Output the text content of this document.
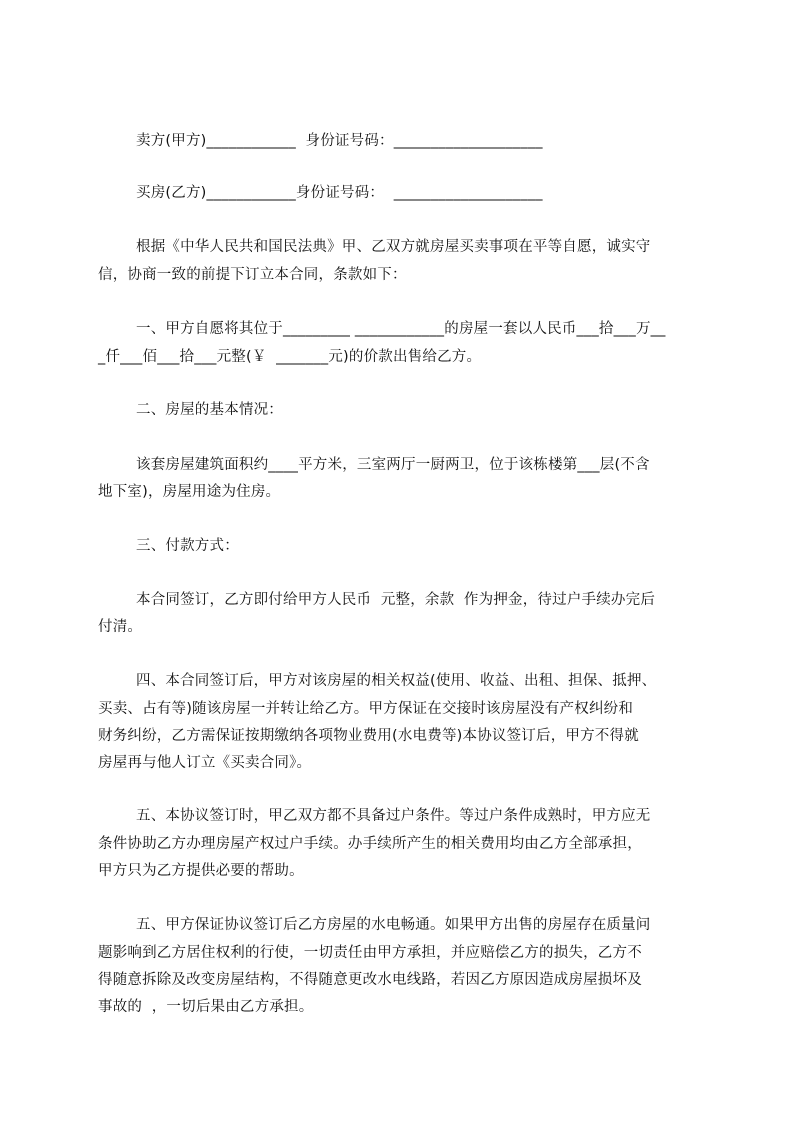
卖方(甲方)____________  身份证号码：____________________
买房(乙方)____________身份证号码：  ____________________
根据《中华人民共和国民法典》甲、乙双方就房屋买卖事项在平等自愿，诚实守
信，协商一致的前提下订立本合同，条款如下：
一、甲方自愿将其位于_________ ____________的房屋一套以人民币___拾___万__
_仟___佰___拾___元整(￥  _______元)的价款出售给乙方。
二、房屋的基本情况：
该套房屋建筑面积约____平方米，三室两厅一厨两卫，位于该栋楼第___层(不含
地下室)，房屋用途为住房。
三、付款方式：
本合同签订，乙方即付给甲方人民币  元整，余款  作为押金，待过户手续办完后
付清。
四、本合同签订后，甲方对该房屋的相关权益(使用、收益、出租、担保、抵押、
买卖、占有等)随该房屋一并转让给乙方。甲方保证在交接时该房屋没有产权纠纷和
财务纠纷，乙方需保证按期缴纳各项物业费用(水电费等)本协议签订后，甲方不得就
房屋再与他人订立《买卖合同》。
五、本协议签订时，甲乙双方都不具备过户条件。等过户条件成熟时，甲方应无
条件协助乙方办理房屋产权过户手续。办手续所产生的相关费用均由乙方全部承担，
甲方只为乙方提供必要的帮助。
五、甲方保证协议签订后乙方房屋的水电畅通。如果甲方出售的房屋存在质量问
题影响到乙方居住权利的行使，一切责任由甲方承担，并应赔偿乙方的损失，乙方不
得随意拆除及改变房屋结构，不得随意更改水电线路，若因乙方原因造成房屋损坏及
事故的  ，一切后果由乙方承担。
